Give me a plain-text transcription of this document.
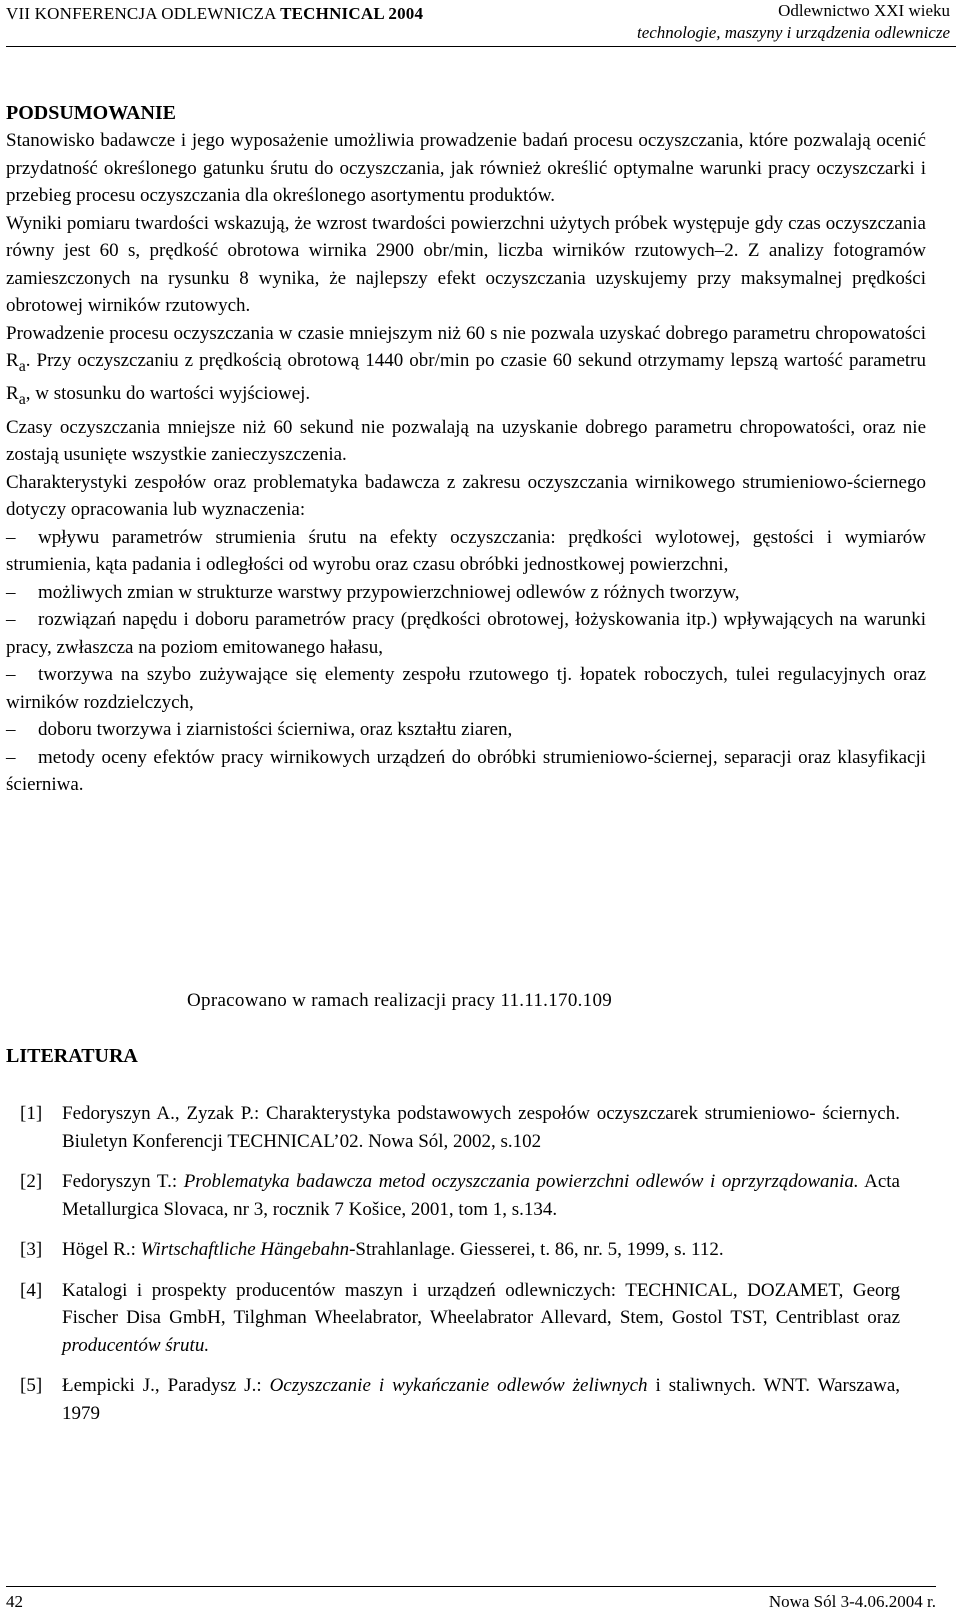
VII KONFERENCJA ODLEWNICZA TECHNICAL 2004	Odlewnictwo XXI wieku
technologie, maszyny i urządzenia odlewnicze
PODSUMOWANIE

Stanowisko badawcze i jego wyposażenie umożliwia prowadzenie badań procesu oczyszczania, które pozwalają ocenić przydatność określonego gatunku śrutu do oczyszczania, jak również określić optymalne warunki pracy oczyszczarki i przebieg procesu oczyszczania dla określonego asortymentu produktów.

Wyniki pomiaru twardości wskazują, że wzrost twardości powierzchni użytych próbek występuje gdy czas oczyszczania równy jest 60 s, prędkość obrotowa wirnika 2900 obr/min, liczba wirników rzutowych–2. Z analizy fotogramów zamieszczonych na rysunku 8 wynika, że najlepszy efekt oczyszczania uzyskujemy przy maksymalnej prędkości obrotowej wirników rzutowych.

Prowadzenie procesu oczyszczania w czasie mniejszym niż 60 s nie pozwala uzyskać dobrego parametru chropowatości $R_a$. Przy oczyszczaniu z prędkością obrotową 1440 obr/min po czasie 60 sekund otrzymamy lepszą wartość parametru $R_a$, w stosunku do wartości wyjściowej.

Czasy oczyszczania mniejsze niż 60 sekund nie pozwalają na uzyskanie dobrego parametru chropowatości, oraz nie zostają usunięte wszystkie zanieczyszczenia.

Charakterystyki zespołów oraz problematyka badawcza z zakresu oczyszczania wirnikowego strumieniowo-ściernego dotyczy opracowania lub wyznaczenia:

– wpływu parametrów strumienia śrutu na efekty oczyszczania: prędkości wylotowej, gęstości i wymiarów strumienia, kąta padania i odległości od wyrobu oraz czasu obróbki jednostkowej powierzchni,

– możliwych zmian w strukturze warstwy przypowierzchniowej odlewów z różnych tworzyw,

– rozwiązań napędu i doboru parametrów pracy (prędkości obrotowej, łożyskowania itp.) wpływających na warunki pracy, zwłaszcza na poziom emitowanego hałasu,

– tworzywa na szybo zużywające się elementy zespołu rzutowego tj. łopatek roboczych, tulei regulacyjnych oraz wirników rozdzielczych,

– doboru tworzywa i ziarnistości ścierniwa, oraz kształtu ziaren,

– metody oceny efektów pracy wirnikowych urządzeń do obróbki strumieniowo-ściernej, separacji oraz klasyfikacji ścierniwa.

Opracowano w ramach realizacji pracy 11.11.170.109
LITERATURA
[1]	Fedoryszyn A., Zyzak P.: Charakterystyka podstawowych zespołów oczyszczarek strumieniowo- ściernych. Biuletyn Konferencji TECHNICAL’02. Nowa Sól, 2002, s.102
[2]	Fedoryszyn T.: Problematyka badawcza metod oczyszczania powierzchni odlewów i oprzyrządowania. Acta Metallurgica Slovaca, nr 3, rocznik 7 Košice, 2001, tom 1, s.134.
[3]	Högel R.: Wirtschaftliche Hängebahn-Strahlanlage. Giesserei, t. 86, nr. 5, 1999, s. 112.
[4]	Katalogi i prospekty producentów maszyn i urządzeń odlewniczych: TECHNICAL, DOZAMET, Georg Fischer Disa GmbH, Tilghman Wheelabrator, Wheelabrator Allevard, Stem, Gostol TST, Centriblast oraz producentów śrutu.
[5]	Łempicki J., Paradysz J.: Oczyszczanie i wykańczanie odlewów żeliwnych i staliwnych. WNT. Warszawa, 1979
42	Nowa Sól 3-4.06.2004 r.
